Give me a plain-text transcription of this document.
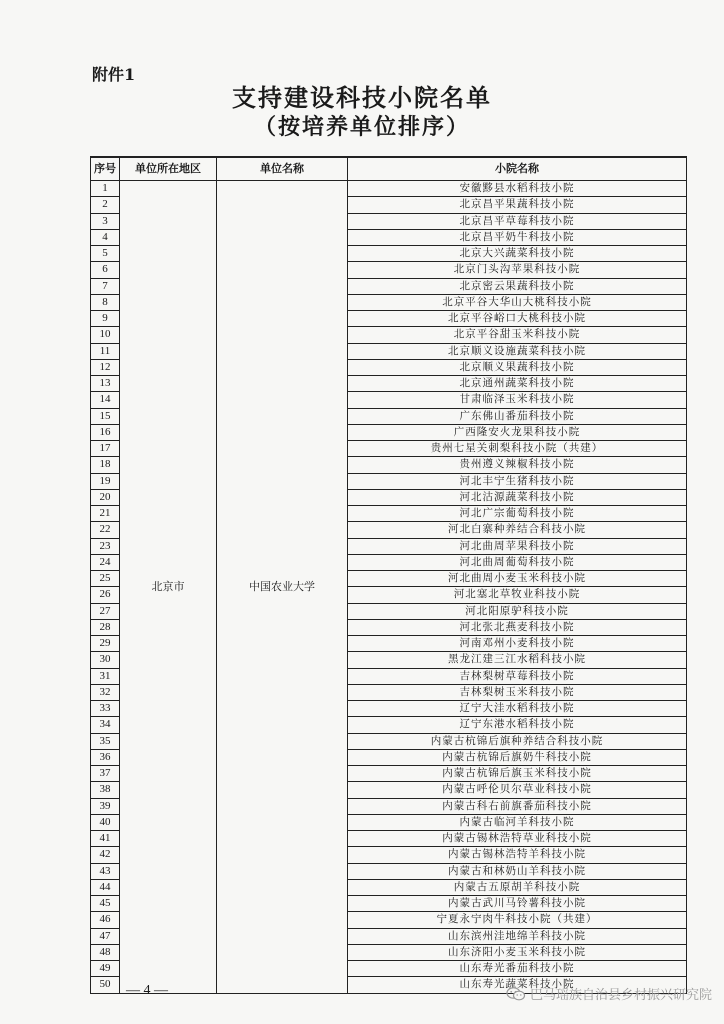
附件1
支持建设科技小院名单
（按培养单位排序）
序号	单位所在地区	单位名称	小院名称
1	北京市	中国农业大学	安徽黟县水稻科技小院
2			北京昌平果蔬科技小院
3			北京昌平草莓科技小院
4			北京昌平奶牛科技小院
5			北京大兴蔬菜科技小院
6			北京门头沟苹果科技小院
7			北京密云果蔬科技小院
8			北京平谷大华山大桃科技小院
9			北京平谷峪口大桃科技小院
10			北京平谷甜玉米科技小院
11			北京顺义设施蔬菜科技小院
12			北京顺义果蔬科技小院
13			北京通州蔬菜科技小院
14			甘肃临泽玉米科技小院
15			广东佛山番茄科技小院
16			广西隆安火龙果科技小院
17			贵州七星关刺梨科技小院（共建）
18			贵州遵义辣椒科技小院
19			河北丰宁生猪科技小院
20			河北沽源蔬菜科技小院
21			河北广宗葡萄科技小院
22			河北白寨种养结合科技小院
23			河北曲周苹果科技小院
24			河北曲周葡萄科技小院
25			河北曲周小麦玉米科技小院
26			河北塞北草牧业科技小院
27			河北阳原驴科技小院
28			河北张北燕麦科技小院
29			河南邓州小麦科技小院
30			黑龙江建三江水稻科技小院
31			吉林梨树草莓科技小院
32			吉林梨树玉米科技小院
33			辽宁大洼水稻科技小院
34			辽宁东港水稻科技小院
35			内蒙古杭锦后旗种养结合科技小院
36			内蒙古杭锦后旗奶牛科技小院
37			内蒙古杭锦后旗玉米科技小院
38			内蒙古呼伦贝尔草业科技小院
39			内蒙古科右前旗番茄科技小院
40			内蒙古临河羊科技小院
41			内蒙古锡林浩特草业科技小院
42			内蒙古锡林浩特羊科技小院
43			内蒙古和林奶山羊科技小院
44			内蒙古五原胡羊科技小院
45			内蒙古武川马铃薯科技小院
46			宁夏永宁肉牛科技小院（共建）
47			山东滨州洼地绵羊科技小院
48			山东济阳小麦玉米科技小院
49			山东寿光番茄科技小院
50			山东寿光蔬菜科技小院
— 4 —	巴马瑶族自治县乡村振兴研究院
